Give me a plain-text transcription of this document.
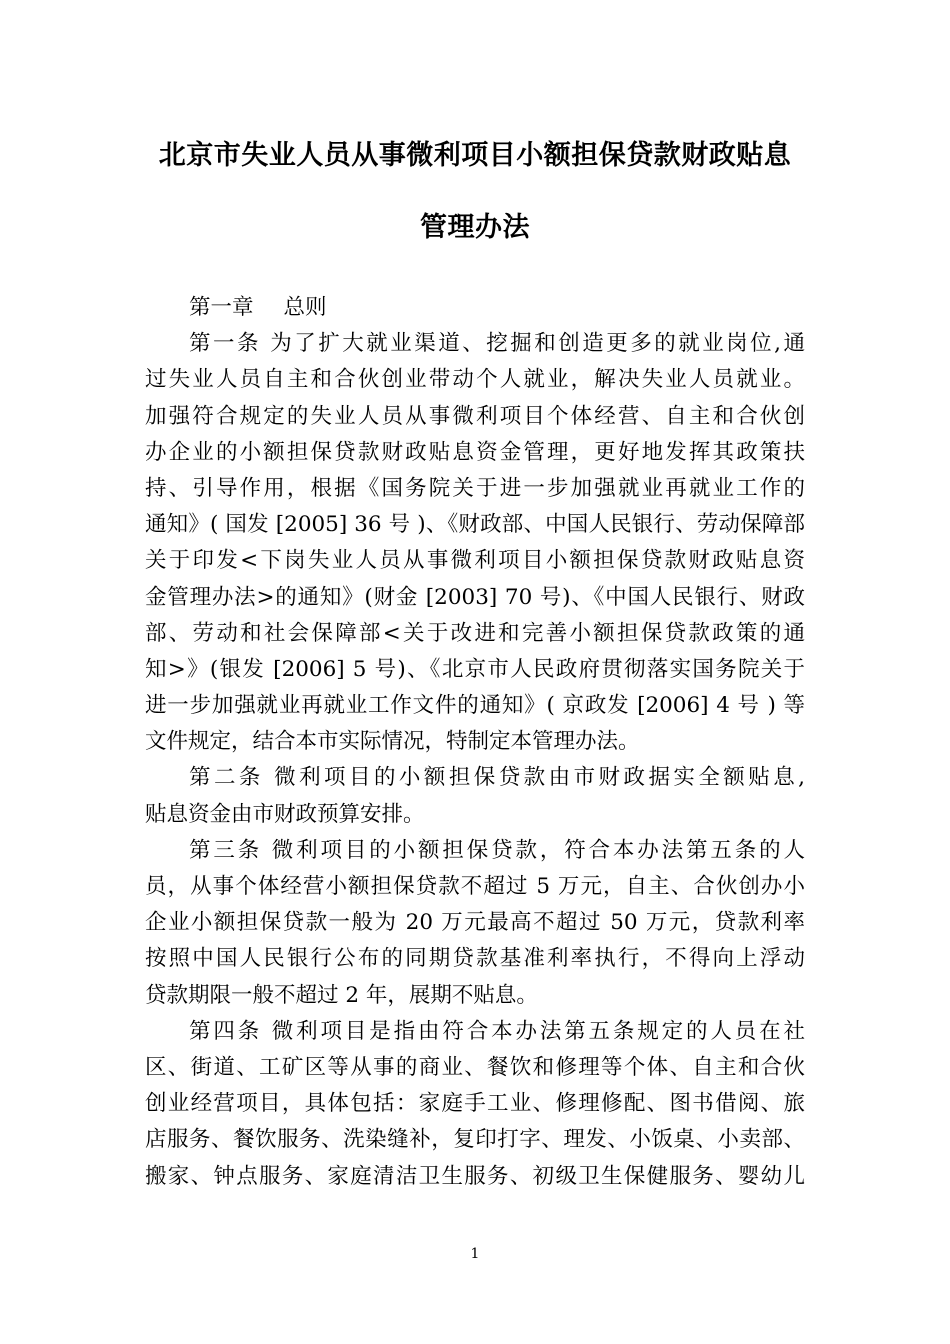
北京市失业人员从事微利项目小额担保贷款财政贴息
管理办法
第一章 总则
第一条 为了扩大就业渠道、挖掘和创造更多的就业岗位,通
过失业人员自主和合伙创业带动个人就业，解决失业人员就业。
加强符合规定的失业人员从事微利项目个体经营、自主和合伙创
办企业的小额担保贷款财政贴息资金管理，更好地发挥其政策扶
持、引导作用，根据《国务院关于进一步加强就业再就业工作的
通知》( 国发 [2005] 36 号 )、《财政部、中国人民银行、劳动保障部
关于印发<下岗失业人员从事微利项目小额担保贷款财政贴息资
金管理办法>的通知》(财金 [2003] 70 号)、《中国人民银行、财政
部、劳动和社会保障部<关于改进和完善小额担保贷款政策的通
知>》(银发 [2006] 5 号)、《北京市人民政府贯彻落实国务院关于
进一步加强就业再就业工作文件的通知》( 京政发 [2006] 4 号 ) 等
文件规定，结合本市实际情况，特制定本管理办法。
第二条 微利项目的小额担保贷款由市财政据实全额贴息,
贴息资金由市财政预算安排。
第三条 微利项目的小额担保贷款，符合本办法第五条的人
员，从事个体经营小额担保贷款不超过 5 万元，自主、合伙创办小
企业小额担保贷款一般为 20 万元最高不超过 50 万元，贷款利率
按照中国人民银行公布的同期贷款基准利率执行，不得向上浮动
贷款期限一般不超过 2 年，展期不贴息。
第四条 微利项目是指由符合本办法第五条规定的人员在社
区、街道、工矿区等从事的商业、餐饮和修理等个体、自主和合伙
创业经营项目，具体包括：家庭手工业、修理修配、图书借阅、旅
店服务、餐饮服务、洗染缝补，复印打字、理发、小饭桌、小卖部、
搬家、钟点服务、家庭清洁卫生服务、初级卫生保健服务、婴幼儿
1
